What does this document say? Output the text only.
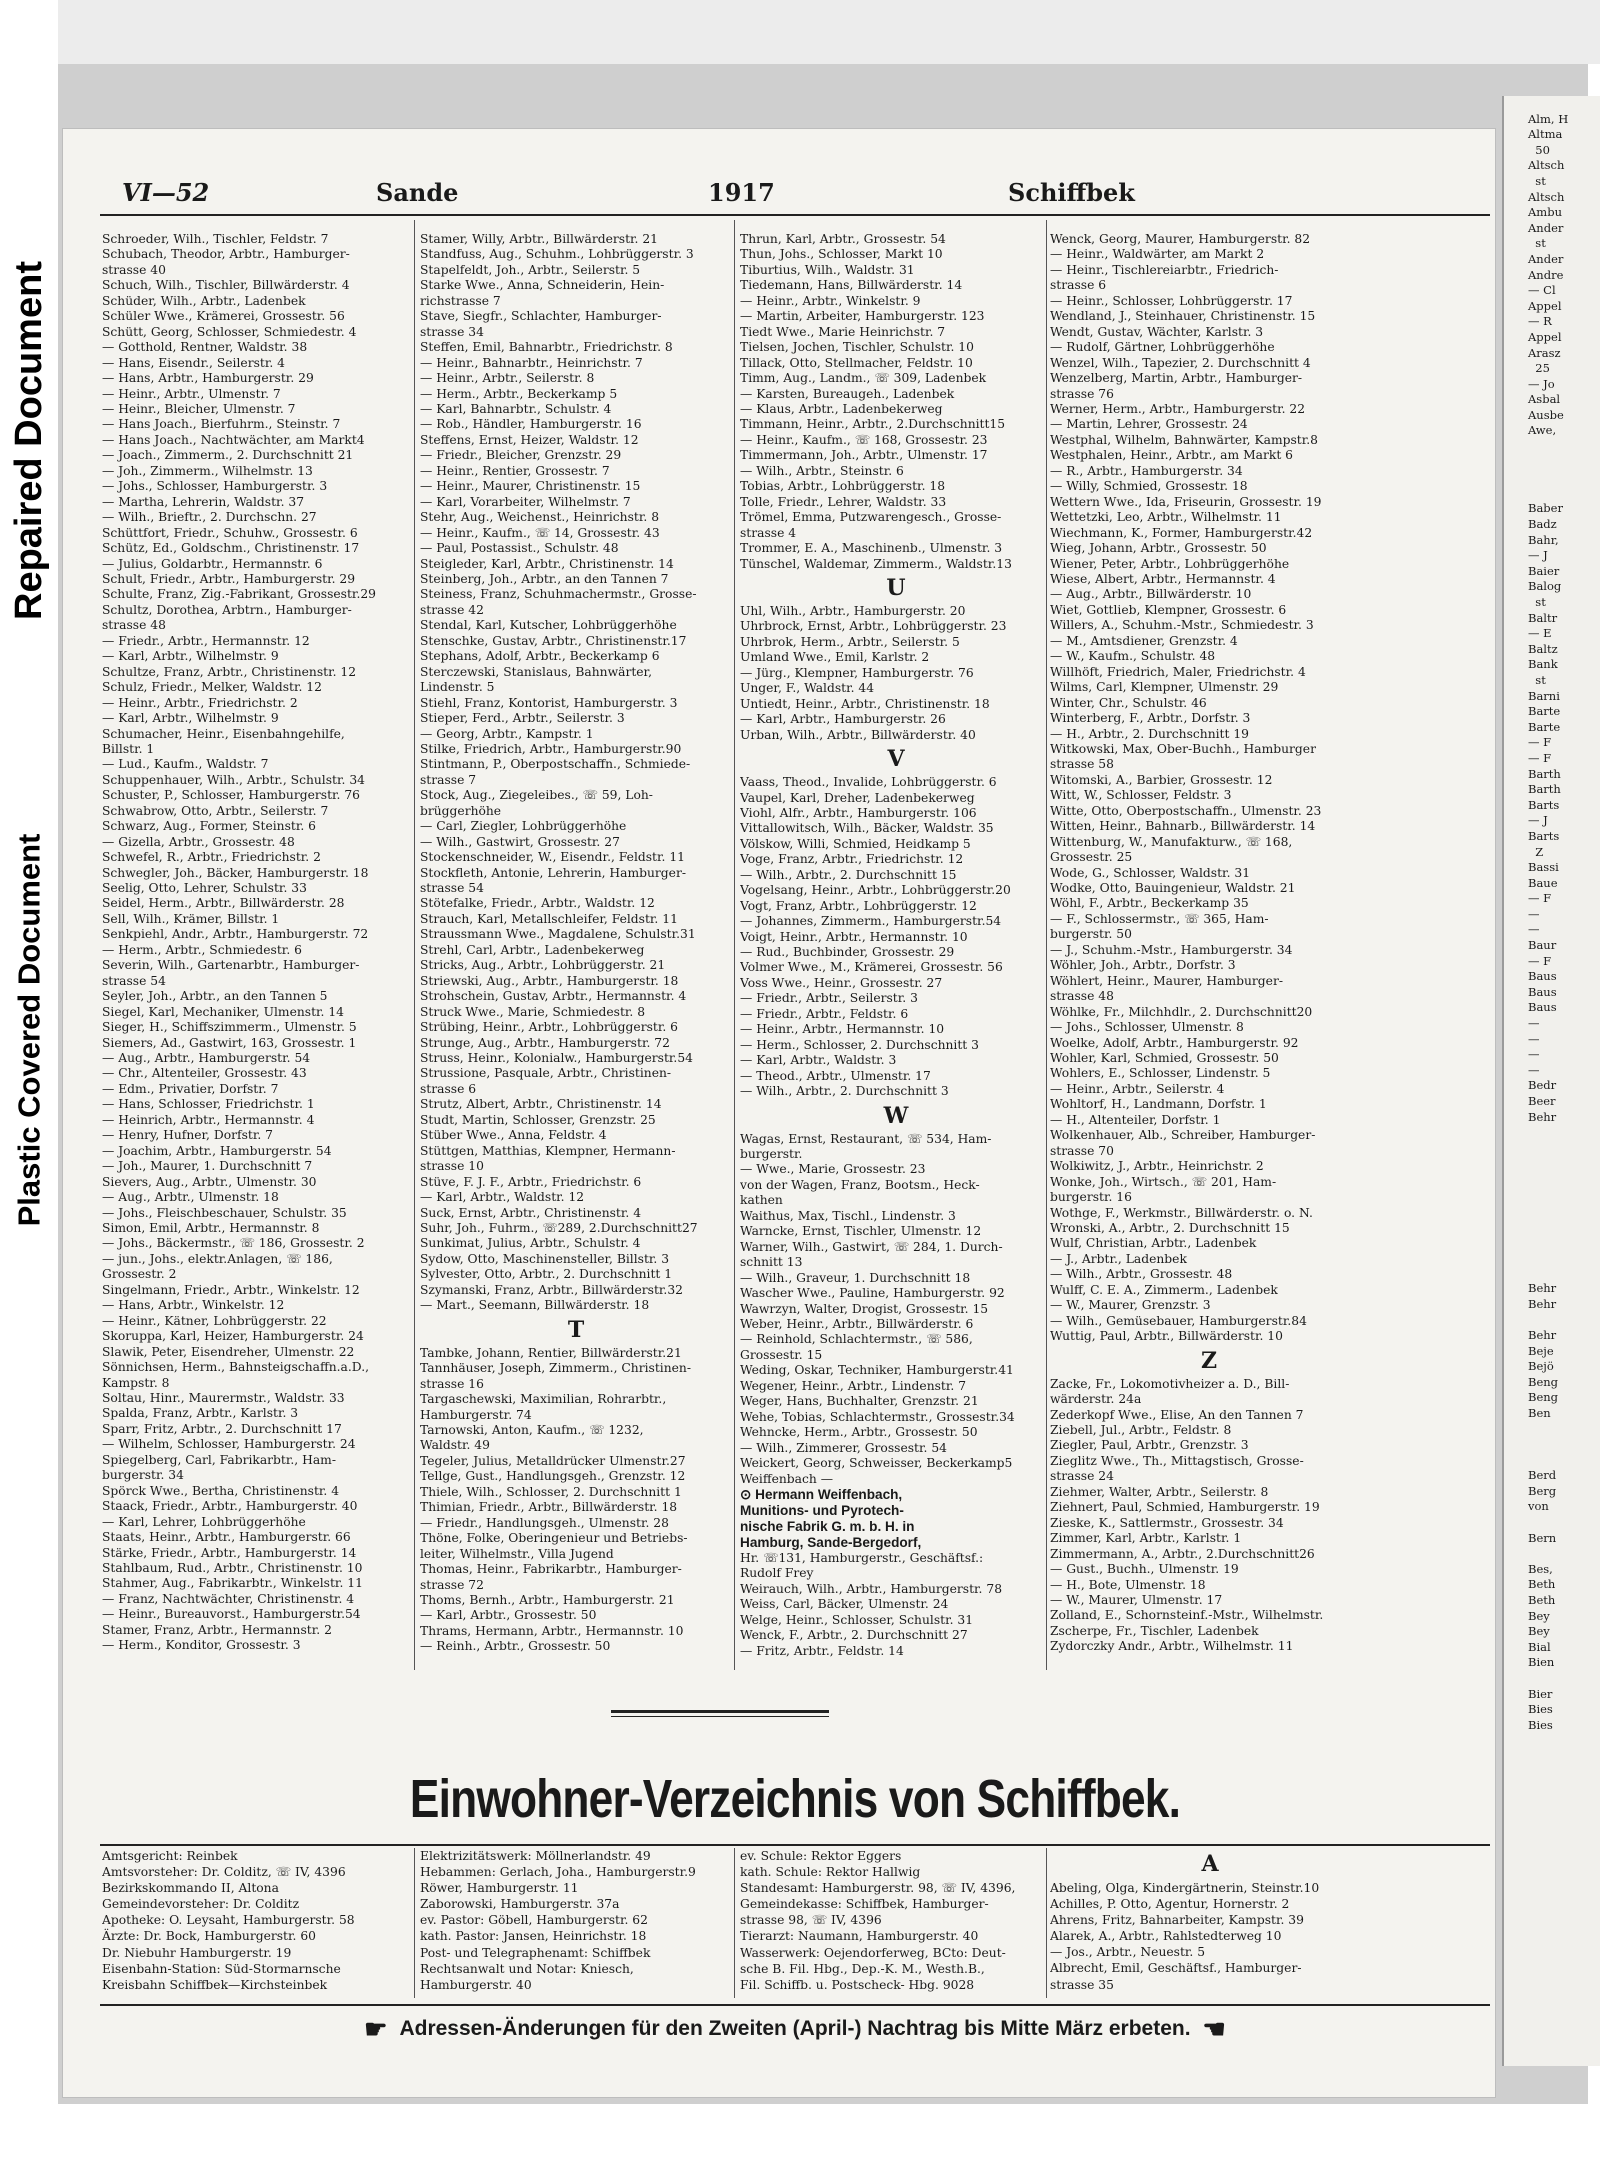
Repaired Document
Plastic Covered Document

Alm, H
Altma
50
Altsch
st
Altsch
Ambu
Ander
st
Ander
Andre
— Cl
Appel
— R
Appel
Arasz
25
— Jo
Asbal
Ausbe
Awe,

Baber
Badz
Bahr,
— J
Baier
Balog
st
Baltr
— E
Baltz
Bank
st
Barni
Barte
Barte
— F
— F
Barth
Barth
Barts
— J
Barts
Z
Bassi
Baue
— F
—
—
Baur
— F
Baus
Baus
Baus
—
—
—
—
Bedr
Beer
Behr

Behr
Behr

Behr
Beje
Bejö
Beng
Beng
Ben

Berd
Berg
von

Bern

Bes,
Beth
Beth
Bey
Bey
Bial
Bien

Bier
Bies
Bies
VI—52	Sande	1917	Schiffbek
Schroeder, Wilh., Tischler, Feldstr. 7
Schubach, Theodor, Arbtr., Hamburger-
strasse 40
Schuch, Wilh., Tischler, Billwärderstr. 4
Schüder, Wilh., Arbtr., Ladenbek
Schüler Wwe., Krämerei, Grossestr. 56
Schütt, Georg, Schlosser, Schmiedestr. 4
— Gotthold, Rentner, Waldstr. 38
— Hans, Eisendr., Seilerstr. 4
— Hans, Arbtr., Hamburgerstr. 29
— Heinr., Arbtr., Ulmenstr. 7
— Heinr., Bleicher, Ulmenstr. 7
— Hans Joach., Bierfuhrm., Steinstr. 7
— Hans Joach., Nachtwächter, am Markt4
— Joach., Zimmerm., 2. Durchschnitt 21
— Joh., Zimmerm., Wilhelmstr. 13
— Johs., Schlosser, Hamburgerstr. 3
— Martha, Lehrerin, Waldstr. 37
— Wilh., Brieftr., 2. Durchschn. 27
Schüttfort, Friedr., Schuhw., Grossestr. 6
Schütz, Ed., Goldschm., Christinenstr. 17
— Julius, Goldarbtr., Hermannstr. 6
Schult, Friedr., Arbtr., Hamburgerstr. 29
Schulte, Franz, Zig.-Fabrikant, Grossestr.29
Schultz, Dorothea, Arbtrn., Hamburger-
strasse 48
— Friedr., Arbtr., Hermannstr. 12
— Karl, Arbtr., Wilhelmstr. 9
Schultze, Franz, Arbtr., Christinenstr. 12
Schulz, Friedr., Melker, Waldstr. 12
— Heinr., Arbtr., Friedrichstr. 2
— Karl, Arbtr., Wilhelmstr. 9
Schumacher, Heinr., Eisenbahngehilfe,
Billstr. 1
— Lud., Kaufm., Waldstr. 7
Schuppenhauer, Wilh., Arbtr., Schulstr. 34
Schuster, P., Schlosser, Hamburgerstr. 76
Schwabrow, Otto, Arbtr., Seilerstr. 7
Schwarz, Aug., Former, Steinstr. 6
— Gizella, Arbtr., Grossestr. 48
Schwefel, R., Arbtr., Friedrichstr. 2
Schwegler, Joh., Bäcker, Hamburgerstr. 18
Seelig, Otto, Lehrer, Schulstr. 33
Seidel, Herm., Arbtr., Billwärderstr. 28
Sell, Wilh., Krämer, Billstr. 1
Senkpiehl, Andr., Arbtr., Hamburgerstr. 72
— Herm., Arbtr., Schmiedestr. 6
Severin, Wilh., Gartenarbtr., Hamburger-
strasse 54
Seyler, Joh., Arbtr., an den Tannen 5
Siegel, Karl, Mechaniker, Ulmenstr. 14
Sieger, H., Schiffszimmerm., Ulmenstr. 5
Siemers, Ad., Gastwirt, 163, Grossestr. 1
— Aug., Arbtr., Hamburgerstr. 54
— Chr., Altenteiler, Grossestr. 43
— Edm., Privatier, Dorfstr. 7
— Hans, Schlosser, Friedrichstr. 1
— Heinrich, Arbtr., Hermannstr. 4
— Henry, Hufner, Dorfstr. 7
— Joachim, Arbtr., Hamburgerstr. 54
— Joh., Maurer, 1. Durchschnitt 7
Sievers, Aug., Arbtr., Ulmenstr. 30
— Aug., Arbtr., Ulmenstr. 18
— Johs., Fleischbeschauer, Schulstr. 35
Simon, Emil, Arbtr., Hermannstr. 8
— Johs., Bäckermstr., ☏ 186, Grossestr. 2
— jun., Johs., elektr.Anlagen, ☏ 186,
Grossestr. 2
Singelmann, Friedr., Arbtr., Winkelstr. 12
— Hans, Arbtr., Winkelstr. 12
— Heinr., Kätner, Lohbrüggerstr. 22
Skoruppa, Karl, Heizer, Hamburgerstr. 24
Slawik, Peter, Eisendreher, Ulmenstr. 22
Sönnichsen, Herm., Bahnsteigschaffn.a.D.,
Kampstr. 8
Soltau, Hinr., Maurermstr., Waldstr. 33
Spalda, Franz, Arbtr., Karlstr. 3
Sparr, Fritz, Arbtr., 2. Durchschnitt 17
— Wilhelm, Schlosser, Hamburgerstr. 24
Spiegelberg, Carl, Fabrikarbtr., Ham-
burgerstr. 34
Spörck Wwe., Bertha, Christinenstr. 4
Staack, Friedr., Arbtr., Hamburgerstr. 40
— Karl, Lehrer, Lohbrüggerhöhe
Staats, Heinr., Arbtr., Hamburgerstr. 66
Stärke, Friedr., Arbtr., Hamburgerstr. 14
Stahlbaum, Rud., Arbtr., Christinenstr. 10
Stahmer, Aug., Fabrikarbtr., Winkelstr. 11
— Franz, Nachtwächter, Christinenstr. 4
— Heinr., Bureauvorst., Hamburgerstr.54
Stamer, Franz, Arbtr., Hermannstr. 2
— Herm., Konditor, Grossestr. 3
Stamer, Willy, Arbtr., Billwärderstr. 21
Standfuss, Aug., Schuhm., Lohbrüggerstr. 3
Stapelfeldt, Joh., Arbtr., Seilerstr. 5
Starke Wwe., Anna, Schneiderin, Hein-
richstrasse 7
Stave, Siegfr., Schlachter, Hamburger-
strasse 34
Steffen, Emil, Bahnarbtr., Friedrichstr. 8
— Heinr., Bahnarbtr., Heinrichstr. 7
— Heinr., Arbtr., Seilerstr. 8
— Herm., Arbtr., Beckerkamp 5
— Karl, Bahnarbtr., Schulstr. 4
— Rob., Händler, Hamburgerstr. 16
Steffens, Ernst, Heizer, Waldstr. 12
— Friedr., Bleicher, Grenzstr. 29
— Heinr., Rentier, Grossestr. 7
— Heinr., Maurer, Christinenstr. 15
— Karl, Vorarbeiter, Wilhelmstr. 7
Stehr, Aug., Weichenst., Heinrichstr. 8
— Heinr., Kaufm., ☏ 14, Grossestr. 43
— Paul, Postassist., Schulstr. 48
Steigleder, Karl, Arbtr., Christinenstr. 14
Steinberg, Joh., Arbtr., an den Tannen 7
Steiness, Franz, Schuhmachermstr., Grosse-
strasse 42
Stendal, Karl, Kutscher, Lohbrüggerhöhe
Stenschke, Gustav, Arbtr., Christinenstr.17
Stephans, Adolf, Arbtr., Beckerkamp 6
Sterczewski, Stanislaus, Bahnwärter,
Lindenstr. 5
Stiehl, Franz, Kontorist, Hamburgerstr. 3
Stieper, Ferd., Arbtr., Seilerstr. 3
— Georg, Arbtr., Kampstr. 1
Stilke, Friedrich, Arbtr., Hamburgerstr.90
Stintmann, P., Oberpostschaffn., Schmiede-
strasse 7
Stock, Aug., Ziegeleibes., ☏ 59, Loh-
brüggerhöhe
— Carl, Ziegler, Lohbrüggerhöhe
— Wilh., Gastwirt, Grossestr. 27
Stockenschneider, W., Eisendr., Feldstr. 11
Stockfleth, Antonie, Lehrerin, Hamburger-
strasse 54
Stötefalke, Friedr., Arbtr., Waldstr. 12
Strauch, Karl, Metallschleifer, Feldstr. 11
Straussmann Wwe., Magdalene, Schulstr.31
Strehl, Carl, Arbtr., Ladenbekerweg
Stricks, Aug., Arbtr., Lohbrüggerstr. 21
Striewski, Aug., Arbtr., Hamburgerstr. 18
Strohschein, Gustav, Arbtr., Hermannstr. 4
Struck Wwe., Marie, Schmiedestr. 8
Strübing, Heinr., Arbtr., Lohbrüggerstr. 6
Strunge, Aug., Arbtr., Hamburgerstr. 72
Struss, Heinr., Kolonialw., Hamburgerstr.54
Strussione, Pasquale, Arbtr., Christinen-
strasse 6
Strutz, Albert, Arbtr., Christinenstr. 14
Studt, Martin, Schlosser, Grenzstr. 25
Stüber Wwe., Anna, Feldstr. 4
Stüttgen, Matthias, Klempner, Hermann-
strasse 10
Stüve, F. J. F., Arbtr., Friedrichstr. 6
— Karl, Arbtr., Waldstr. 12
Suck, Ernst, Arbtr., Christinenstr. 4
Suhr, Joh., Fuhrm., ☏289, 2.Durchschnitt27
Sunkimat, Julius, Arbtr., Schulstr. 4
Sydow, Otto, Maschinensteller, Billstr. 3
Sylvester, Otto, Arbtr., 2. Durchschnitt 1
Szymanski, Franz, Arbtr., Billwärderstr.32
— Mart., Seemann, Billwärderstr. 18
T
Tambke, Johann, Rentier, Billwärderstr.21
Tannhäuser, Joseph, Zimmerm., Christinen-
strasse 16
Targaschewski, Maximilian, Rohrarbtr.,
Hamburgerstr. 74
Tarnowski, Anton, Kaufm., ☏ 1232,
Waldstr. 49
Tegeler, Julius, Metalldrücker Ulmenstr.27
Tellge, Gust., Handlungsgeh., Grenzstr. 12
Thiele, Wilh., Schlosser, 2. Durchschnitt 1
Thimian, Friedr., Arbtr., Billwärderstr. 18
— Friedr., Handlungsgeh., Ulmenstr. 28
Thöne, Folke, Oberingenieur und Betriebs-
leiter, Wilhelmstr., Villa Jugend
Thomas, Heinr., Fabrikarbtr., Hamburger-
strasse 72
Thoms, Bernh., Arbtr., Hamburgerstr. 21
— Karl, Arbtr., Grossestr. 50
Thrams, Hermann, Arbtr., Hermannstr. 10
— Reinh., Arbtr., Grossestr. 50
Thrun, Karl, Arbtr., Grossestr. 54
Thun, Johs., Schlosser, Markt 10
Tiburtius, Wilh., Waldstr. 31
Tiedemann, Hans, Billwärderstr. 14
— Heinr., Arbtr., Winkelstr. 9
— Martin, Arbeiter, Hamburgerstr. 123
Tiedt Wwe., Marie Heinrichstr. 7
Tielsen, Jochen, Tischler, Schulstr. 10
Tillack, Otto, Stellmacher, Feldstr. 10
Timm, Aug., Landm., ☏ 309, Ladenbek
— Karsten, Bureaugeh., Ladenbek
— Klaus, Arbtr., Ladenbekerweg
Timmann, Heinr., Arbtr., 2.Durchschnitt15
— Heinr., Kaufm., ☏ 168, Grossestr. 23
Timmermann, Joh., Arbtr., Ulmenstr. 17
— Wilh., Arbtr., Steinstr. 6
Tobias, Arbtr., Lohbrüggerstr. 18
Tolle, Friedr., Lehrer, Waldstr. 33
Trömel, Emma, Putzwarengesch., Grosse-
strasse 4
Trommer, E. A., Maschinenb., Ulmenstr. 3
Tünschel, Waldemar, Zimmerm., Waldstr.13
U
Uhl, Wilh., Arbtr., Hamburgerstr. 20
Uhrbrock, Ernst, Arbtr., Lohbrüggerstr. 23
Uhrbrok, Herm., Arbtr., Seilerstr. 5
Umland Wwe., Emil, Karlstr. 2
— Jürg., Klempner, Hamburgerstr. 76
Unger, F., Waldstr. 44
Untiedt, Heinr., Arbtr., Christinenstr. 18
— Karl, Arbtr., Hamburgerstr. 26
Urban, Wilh., Arbtr., Billwärderstr. 40
V
Vaass, Theod., Invalide, Lohbrüggerstr. 6
Vaupel, Karl, Dreher, Ladenbekerweg
Viohl, Alfr., Arbtr., Hamburgerstr. 106
Vittallowitsch, Wilh., Bäcker, Waldstr. 35
Völskow, Willi, Schmied, Heidkamp 5
Voge, Franz, Arbtr., Friedrichstr. 12
— Wilh., Arbtr., 2. Durchschnitt 15
Vogelsang, Heinr., Arbtr., Lohbrüggerstr.20
Vogt, Franz, Arbtr., Lohbrüggerstr. 12
— Johannes, Zimmerm., Hamburgerstr.54
Voigt, Heinr., Arbtr., Hermannstr. 10
— Rud., Buchbinder, Grossestr. 29
Volmer Wwe., M., Krämerei, Grossestr. 56
Voss Wwe., Heinr., Grossestr. 27
— Friedr., Arbtr., Seilerstr. 3
— Friedr., Arbtr., Feldstr. 6
— Heinr., Arbtr., Hermannstr. 10
— Herm., Schlosser, 2. Durchschnitt 3
— Karl, Arbtr., Waldstr. 3
— Theod., Arbtr., Ulmenstr. 17
— Wilh., Arbtr., 2. Durchschnitt 3
W
Wagas, Ernst, Restaurant, ☏ 534, Ham-
burgerstr.
— Wwe., Marie, Grossestr. 23
von der Wagen, Franz, Bootsm., Heck-
kathen
Waithus, Max, Tischl., Lindenstr. 3
Warncke, Ernst, Tischler, Ulmenstr. 12
Warner, Wilh., Gastwirt, ☏ 284, 1. Durch-
schnitt 13
— Wilh., Graveur, 1. Durchschnitt 18
Wascher Wwe., Pauline, Hamburgerstr. 92
Wawrzyn, Walter, Drogist, Grossestr. 15
Weber, Heinr., Arbtr., Billwärderstr. 6
— Reinhold, Schlachtermstr., ☏ 586,
Grossestr. 15
Weding, Oskar, Techniker, Hamburgerstr.41
Wegener, Heinr., Arbtr., Lindenstr. 7
Weger, Hans, Buchhalter, Grenzstr. 21
Wehe, Tobias, Schlachtermstr., Grossestr.34
Wehncke, Herm., Arbtr., Grossestr. 50
— Wilh., Zimmerer, Grossestr. 54
Weickert, Georg, Schweisser, Beckerkamp5
Weiffenbach —
⊙ Hermann Weiffenbach,
Munitions- und Pyrotech-
nische Fabrik G. m. b. H. in
Hamburg, Sande-Bergedorf,
Hr. ☏131, Hamburgerstr., Geschäftsf.:
Rudolf Frey
Weirauch, Wilh., Arbtr., Hamburgerstr. 78
Weiss, Carl, Bäcker, Ulmenstr. 24
Welge, Heinr., Schlosser, Schulstr. 31
Wenck, F., Arbtr., 2. Durchschnitt 27
— Fritz, Arbtr., Feldstr. 14
Wenck, Georg, Maurer, Hamburgerstr. 82
— Heinr., Waldwärter, am Markt 2
— Heinr., Tischlereiarbtr., Friedrich-
strasse 6
— Heinr., Schlosser, Lohbrüggerstr. 17
Wendland, J., Steinhauer, Christinenstr. 15
Wendt, Gustav, Wächter, Karlstr. 3
— Rudolf, Gärtner, Lohbrüggerhöhe
Wenzel, Wilh., Tapezier, 2. Durchschnitt 4
Wenzelberg, Martin, Arbtr., Hamburger-
strasse 76
Werner, Herm., Arbtr., Hamburgerstr. 22
— Martin, Lehrer, Grossestr. 24
Westphal, Wilhelm, Bahnwärter, Kampstr.8
Westphalen, Heinr., Arbtr., am Markt 6
— R., Arbtr., Hamburgerstr. 34
— Willy, Schmied, Grossestr. 18
Wettern Wwe., Ida, Friseurin, Grossestr. 19
Wettetzki, Leo, Arbtr., Wilhelmstr. 11
Wiechmann, K., Former, Hamburgerstr.42
Wieg, Johann, Arbtr., Grossestr. 50
Wiener, Peter, Arbtr., Lohbrüggerhöhe
Wiese, Albert, Arbtr., Hermannstr. 4
— Aug., Arbtr., Billwärderstr. 10
Wiet, Gottlieb, Klempner, Grossestr. 6
Willers, A., Schuhm.-Mstr., Schmiedestr. 3
— M., Amtsdiener, Grenzstr. 4
— W., Kaufm., Schulstr. 48
Willhöft, Friedrich, Maler, Friedrichstr. 4
Wilms, Carl, Klempner, Ulmenstr. 29
Winter, Chr., Schulstr. 46
Winterberg, F., Arbtr., Dorfstr. 3
— H., Arbtr., 2. Durchschnitt 19
Witkowski, Max, Ober-Buchh., Hamburger
strasse 58
Witomski, A., Barbier, Grossestr. 12
Witt, W., Schlosser, Feldstr. 3
Witte, Otto, Oberpostschaffn., Ulmenstr. 23
Witten, Heinr., Bahnarb., Billwärderstr. 14
Wittenburg, W., Manufakturw., ☏ 168,
Grossestr. 25
Wode, G., Schlosser, Waldstr. 31
Wodke, Otto, Bauingenieur, Waldstr. 21
Wöhl, F., Arbtr., Beckerkamp 35
— F., Schlossermstr., ☏ 365, Ham-
burgerstr. 50
— J., Schuhm.-Mstr., Hamburgerstr. 34
Wöhler, Joh., Arbtr., Dorfstr. 3
Wöhlert, Heinr., Maurer, Hamburger-
strasse 48
Wöhlke, Fr., Milchhdlr., 2. Durchschnitt20
— Johs., Schlosser, Ulmenstr. 8
Woelke, Adolf, Arbtr., Hamburgerstr. 92
Wohler, Karl, Schmied, Grossestr. 50
Wohlers, E., Schlosser, Lindenstr. 5
— Heinr., Arbtr., Seilerstr. 4
Wohltorf, H., Landmann, Dorfstr. 1
— H., Altenteiler, Dorfstr. 1
Wolkenhauer, Alb., Schreiber, Hamburger-
strasse 70
Wolkiwitz, J., Arbtr., Heinrichstr. 2
Wonke, Joh., Wirtsch., ☏ 201, Ham-
burgerstr. 16
Wothge, F., Werkmstr., Billwärderstr. o. N.
Wronski, A., Arbtr., 2. Durchschnitt 15
Wulf, Christian, Arbtr., Ladenbek
— J., Arbtr., Ladenbek
— Wilh., Arbtr., Grossestr. 48
Wulff, C. E. A., Zimmerm., Ladenbek
— W., Maurer, Grenzstr. 3
— Wilh., Gemüsebauer, Hamburgerstr.84
Wuttig, Paul, Arbtr., Billwärderstr. 10
Z
Zacke, Fr., Lokomotivheizer a. D., Bill-
wärderstr. 24a
Zederkopf Wwe., Elise, An den Tannen 7
Ziebell, Jul., Arbtr., Feldstr. 8
Ziegler, Paul, Arbtr., Grenzstr. 3
Zieglitz Wwe., Th., Mittagstisch, Grosse-
strasse 24
Ziehmer, Walter, Arbtr., Seilerstr. 8
Ziehnert, Paul, Schmied, Hamburgerstr. 19
Zieske, K., Sattlermstr., Grossestr. 34
Zimmer, Karl, Arbtr., Karlstr. 1
Zimmermann, A., Arbtr., 2.Durchschnitt26
— Gust., Buchh., Ulmenstr. 19
— H., Bote, Ulmenstr. 18
— W., Maurer, Ulmenstr. 17
Zolland, E., Schornsteinf.-Mstr., Wilhelmstr.
Zscherpe, Fr., Tischler, Ladenbek
Zydorczky Andr., Arbtr., Wilhelmstr. 11
Einwohner-Verzeichnis von Schiffbek.
Amtsgericht: Reinbek
Amtsvorsteher: Dr. Colditz, ☏ IV, 4396
Bezirkskommando II, Altona
Gemeindevorsteher: Dr. Colditz
Apotheke: O. Leysaht, Hamburgerstr. 58
Ärzte: Dr. Bock, Hamburgerstr. 60
Dr. Niebuhr Hamburgerstr. 19
Eisenbahn-Station: Süd-Stormarnsche
Kreisbahn Schiffbek—Kirchsteinbek
Elektrizitätswerk: Möllnerlandstr. 49
Hebammen: Gerlach, Joha., Hamburgerstr.9
Röwer, Hamburgerstr. 11
Zaborowski, Hamburgerstr. 37a
ev. Pastor: Göbell, Hamburgerstr. 62
kath. Pastor: Jansen, Heinrichstr. 18
Post- und Telegraphenamt: Schiffbek
Rechtsanwalt und Notar: Kniesch,
Hamburgerstr. 40
ev. Schule: Rektor Eggers
kath. Schule: Rektor Hallwig
Standesamt: Hamburgerstr. 98, ☏ IV, 4396,
Gemeindekasse: Schiffbek, Hamburger-
strasse 98, ☏ IV, 4396
Tierarzt: Naumann, Hamburgerstr. 40
Wasserwerk: Oejendorferweg, BCto: Deut-
sche B. Fil. Hbg., Dep.-K. M., Westh.B.,
Fil. Schiffb. u. Postscheck- Hbg. 9028
A
Abeling, Olga, Kindergärtnerin, Steinstr.10
Achilles, P. Otto, Agentur, Hornerstr. 2
Ahrens, Fritz, Bahnarbeiter, Kampstr. 39
Alarek, A., Arbtr., Rahlstedterweg 10
— Jos., Arbtr., Neuestr. 5
Albrecht, Emil, Geschäftsf., Hamburger-
strasse 35
☛ Adressen-Änderungen für den Zweiten (April-) Nachtrag bis Mitte März erbeten. ☚
